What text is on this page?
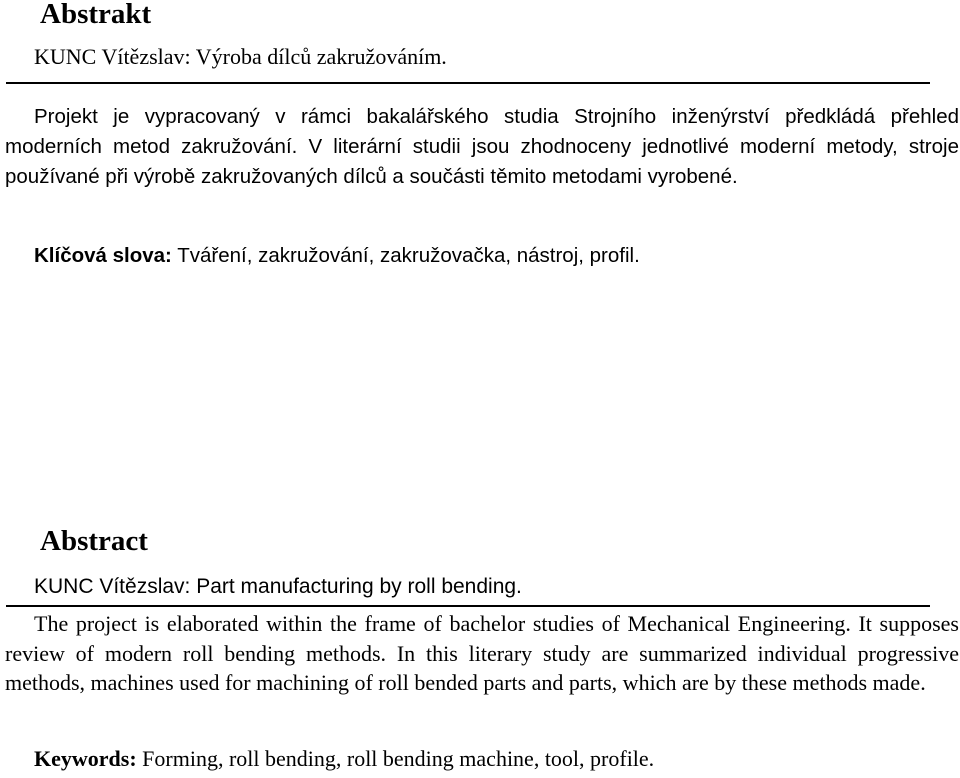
Abstrakt

KUNC Vítězslav: Výroba dílců zakružováním.

Projekt je vypracovaný v rámci bakalářského studia Strojního inženýrství předkládá přehled moderních metod zakružování. V literární studii jsou zhodnoceny jednotlivé moderní metody, stroje používané při výrobě zakružovaných dílců a součásti těmito metodami vyrobené.

Klíčová slova: Tváření, zakružování, zakružovačka, nástroj, profil.

Abstract

KUNC Vítězslav: Part manufacturing by roll bending.

The project is elaborated within the frame of bachelor studies of Mechanical Engineering. It supposes review of modern roll bending methods. In this literary study are summarized individual progressive methods, machines used for machining of roll bended parts and parts, which are by these methods made.

Keywords: Forming, roll bending, roll bending machine, tool, profile.
